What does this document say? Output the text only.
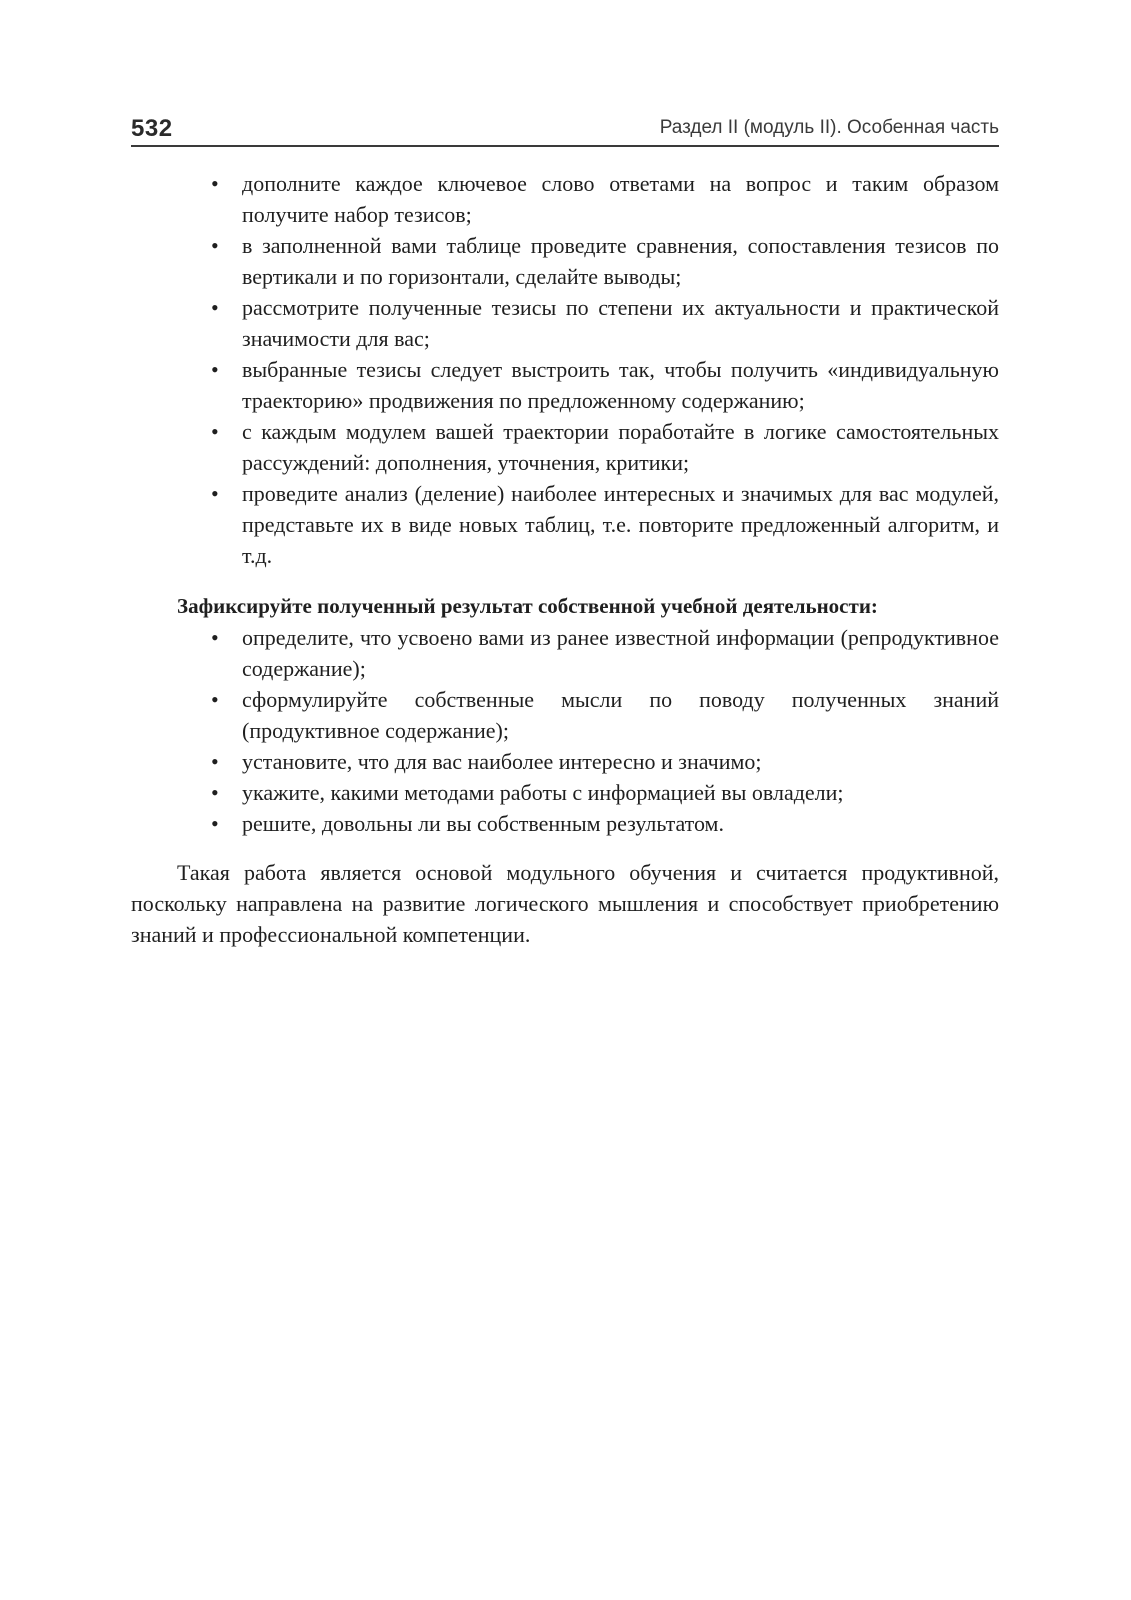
532	Раздел II (модуль II). Особенная часть
•	дополните каждое ключевое слово ответами на вопрос и таким образом получите набор тезисов;
•	в заполненной вами таблице проведите сравнения, сопоставления тезисов по вертикали и по горизонтали, сделайте выводы;
•	рассмотрите полученные тезисы по степени их актуальности и практической значимости для вас;
•	выбранные тезисы следует выстроить так, чтобы получить «индивидуальную траекторию» продвижения по предложенному содержанию;
•	с каждым модулем вашей траектории поработайте в логике самостоятельных рассуждений: дополнения, уточнения, критики;
•	проведите анализ (деление) наиболее интересных и значимых для вас модулей, представьте их в виде новых таблиц, т.е. повторите предложенный алгоритм, и т.д.

Зафиксируйте полученный результат собственной учебной деятельности:

•	определите, что усвоено вами из ранее известной информации (репродуктивное содержание);
•	сформулируйте собственные мысли по поводу полученных знаний (продуктивное содержание);
•	установите, что для вас наиболее интересно и значимо;
•	укажите, какими методами работы с информацией вы овладели;
•	решите, довольны ли вы собственным результатом.

Такая работа является основой модульного обучения и считается продуктивной, поскольку направлена на развитие логического мышления и способствует приобретению знаний и профессиональной компетенции.
